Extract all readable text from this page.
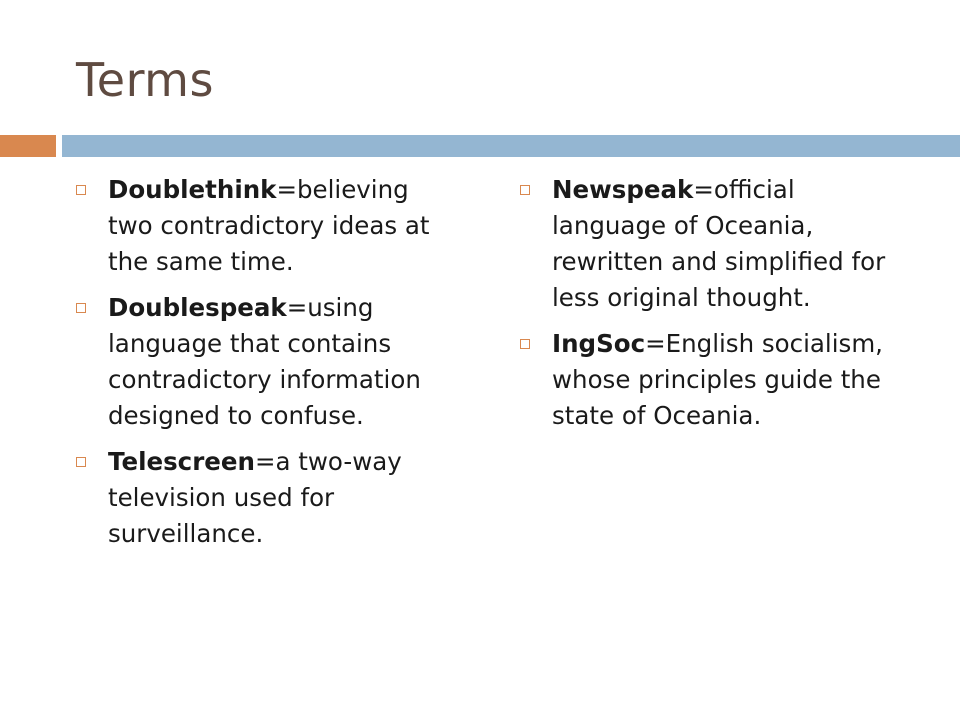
Terms
Doublethink=believing two contradictory ideas at the same time.
Doublespeak=using language that contains contradictory information designed to confuse.
Telescreen=a two-way television used for surveillance.
Newspeak=official language of Oceania, rewritten and simplified for less original thought.
IngSoc=English socialism, whose principles guide the state of Oceania.
